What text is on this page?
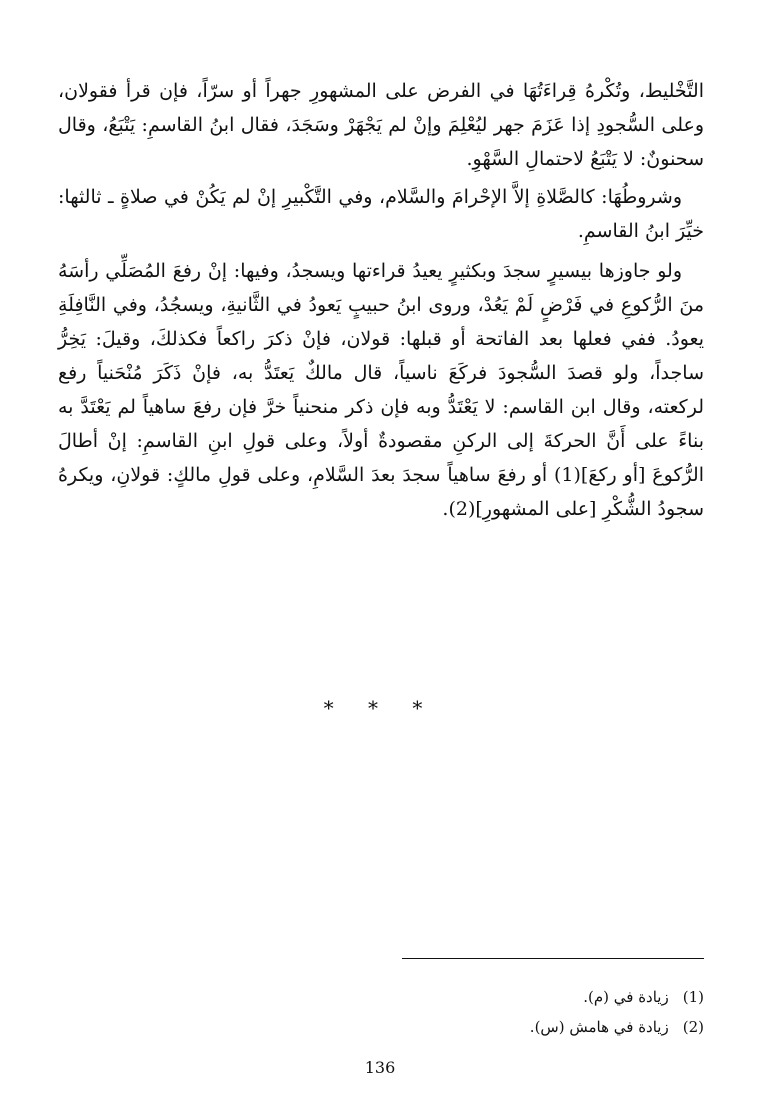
التَّخْليط، وتُكْرهُ قِراءَتُهَا في الفرض على المشهورِ جهراً أو سرّاً، فإن قرأ فقولان، وعلى السُّجودِ إذا عَزَمَ جهر ليُعْلِمَ وإنْ لم يَجْهَرْ وسَجَدَ، فقال ابنُ القاسمِ: يَتْبَعُ، وقال سحنونٌ: لا يَتْبَعُ لاحتمالِ السَّهْوِ.

وشروطُهَا: كالصَّلاةِ إلاَّ الإحْرامَ والسَّلام، وفي التَّكْبيرِ إنْ لم يَكُنْ في صلاةٍ ـ ثالثها: خيِّرَ ابنُ القاسمِ.

ولو جاوزها بيسيرٍ سجدَ وبكثيرٍ يعيدُ قراءتها ويسجدُ، وفيها: إنْ رفعَ المُصَلِّي رأسَهُ منَ الرُّكوعِ في فَرْضٍ لَمْ يَعُدْ، وروى ابنُ حبيبٍ يَعودُ في الثَّانيةِ، ويسجُدُ، وفي النَّافِلَةِ يعودُ. ففي فعلها بعد الفاتحة أو قبلها: قولان، فإنْ ذكرَ راكعاً فكذلكَ، وقيلَ: يَخِرُّ ساجداً، ولو قصدَ السُّجودَ فركَعَ ناسياً، قال مالكٌ يَعتَدُّ به، فإنْ ذَكَرَ مُنْحَنياً رفع لركعته، وقال ابن القاسم: لا يَعْتَدُّ وبه فإن ذكر منحنياً خرَّ فإن رفعَ ساهياً لم يَعْتَدَّ به بناءً على أَنَّ الحركةَ إلى الركنِ مقصودةٌ أولاً، وعلى قولِ ابنِ القاسمِ: إنْ أطالَ الرُّكوعَ [أو ركعَ](1) أو رفعَ ساهياً سجدَ بعدَ السَّلامِ، وعلى قولِ مالكٍ: قولانِ، ويكرهُ سجودُ الشُّكْرِ [على المشهورِ](2).

* * *
(1)زيادة في (م).
(2)زيادة في هامش (س).
136
